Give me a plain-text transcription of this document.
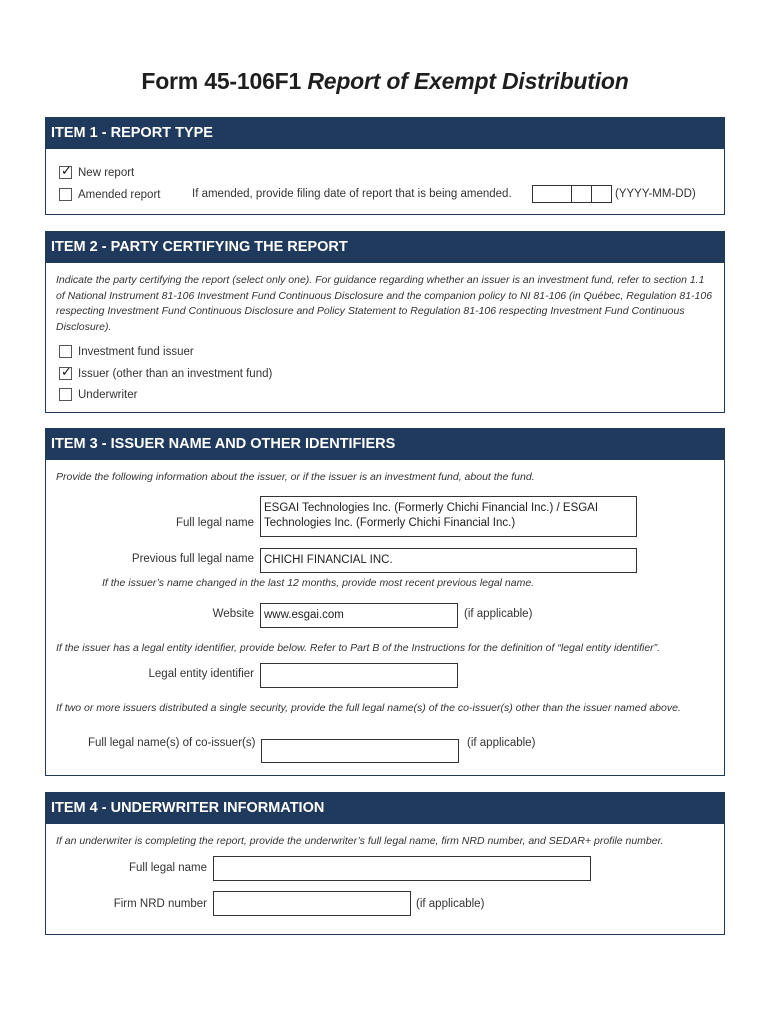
Form 45-106F1 Report of Exempt Distribution
ITEM 1 - REPORT TYPE
✓
New report
Amended report	If amended, provide filing date of report that is being amended.	(YYYY-MM-DD)
ITEM 2 - PARTY CERTIFYING THE REPORT
Indicate the party certifying the report (select only one). For guidance regarding whether an issuer is an investment fund, refer to section 1.1 of National Instrument 81-106 Investment Fund Continuous Disclosure and the companion policy to NI 81-106 (in Québec, Regulation 81-106 respecting Investment Fund Continuous Disclosure and Policy Statement to Regulation 81-106 respecting Investment Fund Continuous Disclosure).
Investment fund issuer
✓
Issuer (other than an investment fund)
Underwriter
ITEM 3 - ISSUER NAME AND OTHER IDENTIFIERS
Provide the following information about the issuer, or if the issuer is an investment fund, about the fund.
Full legal name
ESGAI Technologies Inc. (Formerly Chichi Financial Inc.) / ESGAI Technologies Inc. (Formerly Chichi Financial Inc.)
Previous full legal name CHICHI FINANCIAL INC.
If the issuer’s name changed in the last 12 months, provide most recent previous legal name.
Website www.esgai.com	(if applicable)
If the issuer has a legal entity identifier, provide below. Refer to Part B of the Instructions for the definition of “legal entity identifier”.
Legal entity identifier
If two or more issuers distributed a single security, provide the full legal name(s) of the co-issuer(s) other than the issuer named above.
Full legal name(s) of co-issuer(s)	(if applicable)
ITEM 4 - UNDERWRITER INFORMATION
If an underwriter is completing the report, provide the underwriter’s full legal name, firm NRD number, and SEDAR+ profile number.
Full legal name
Firm NRD number	(if applicable)
